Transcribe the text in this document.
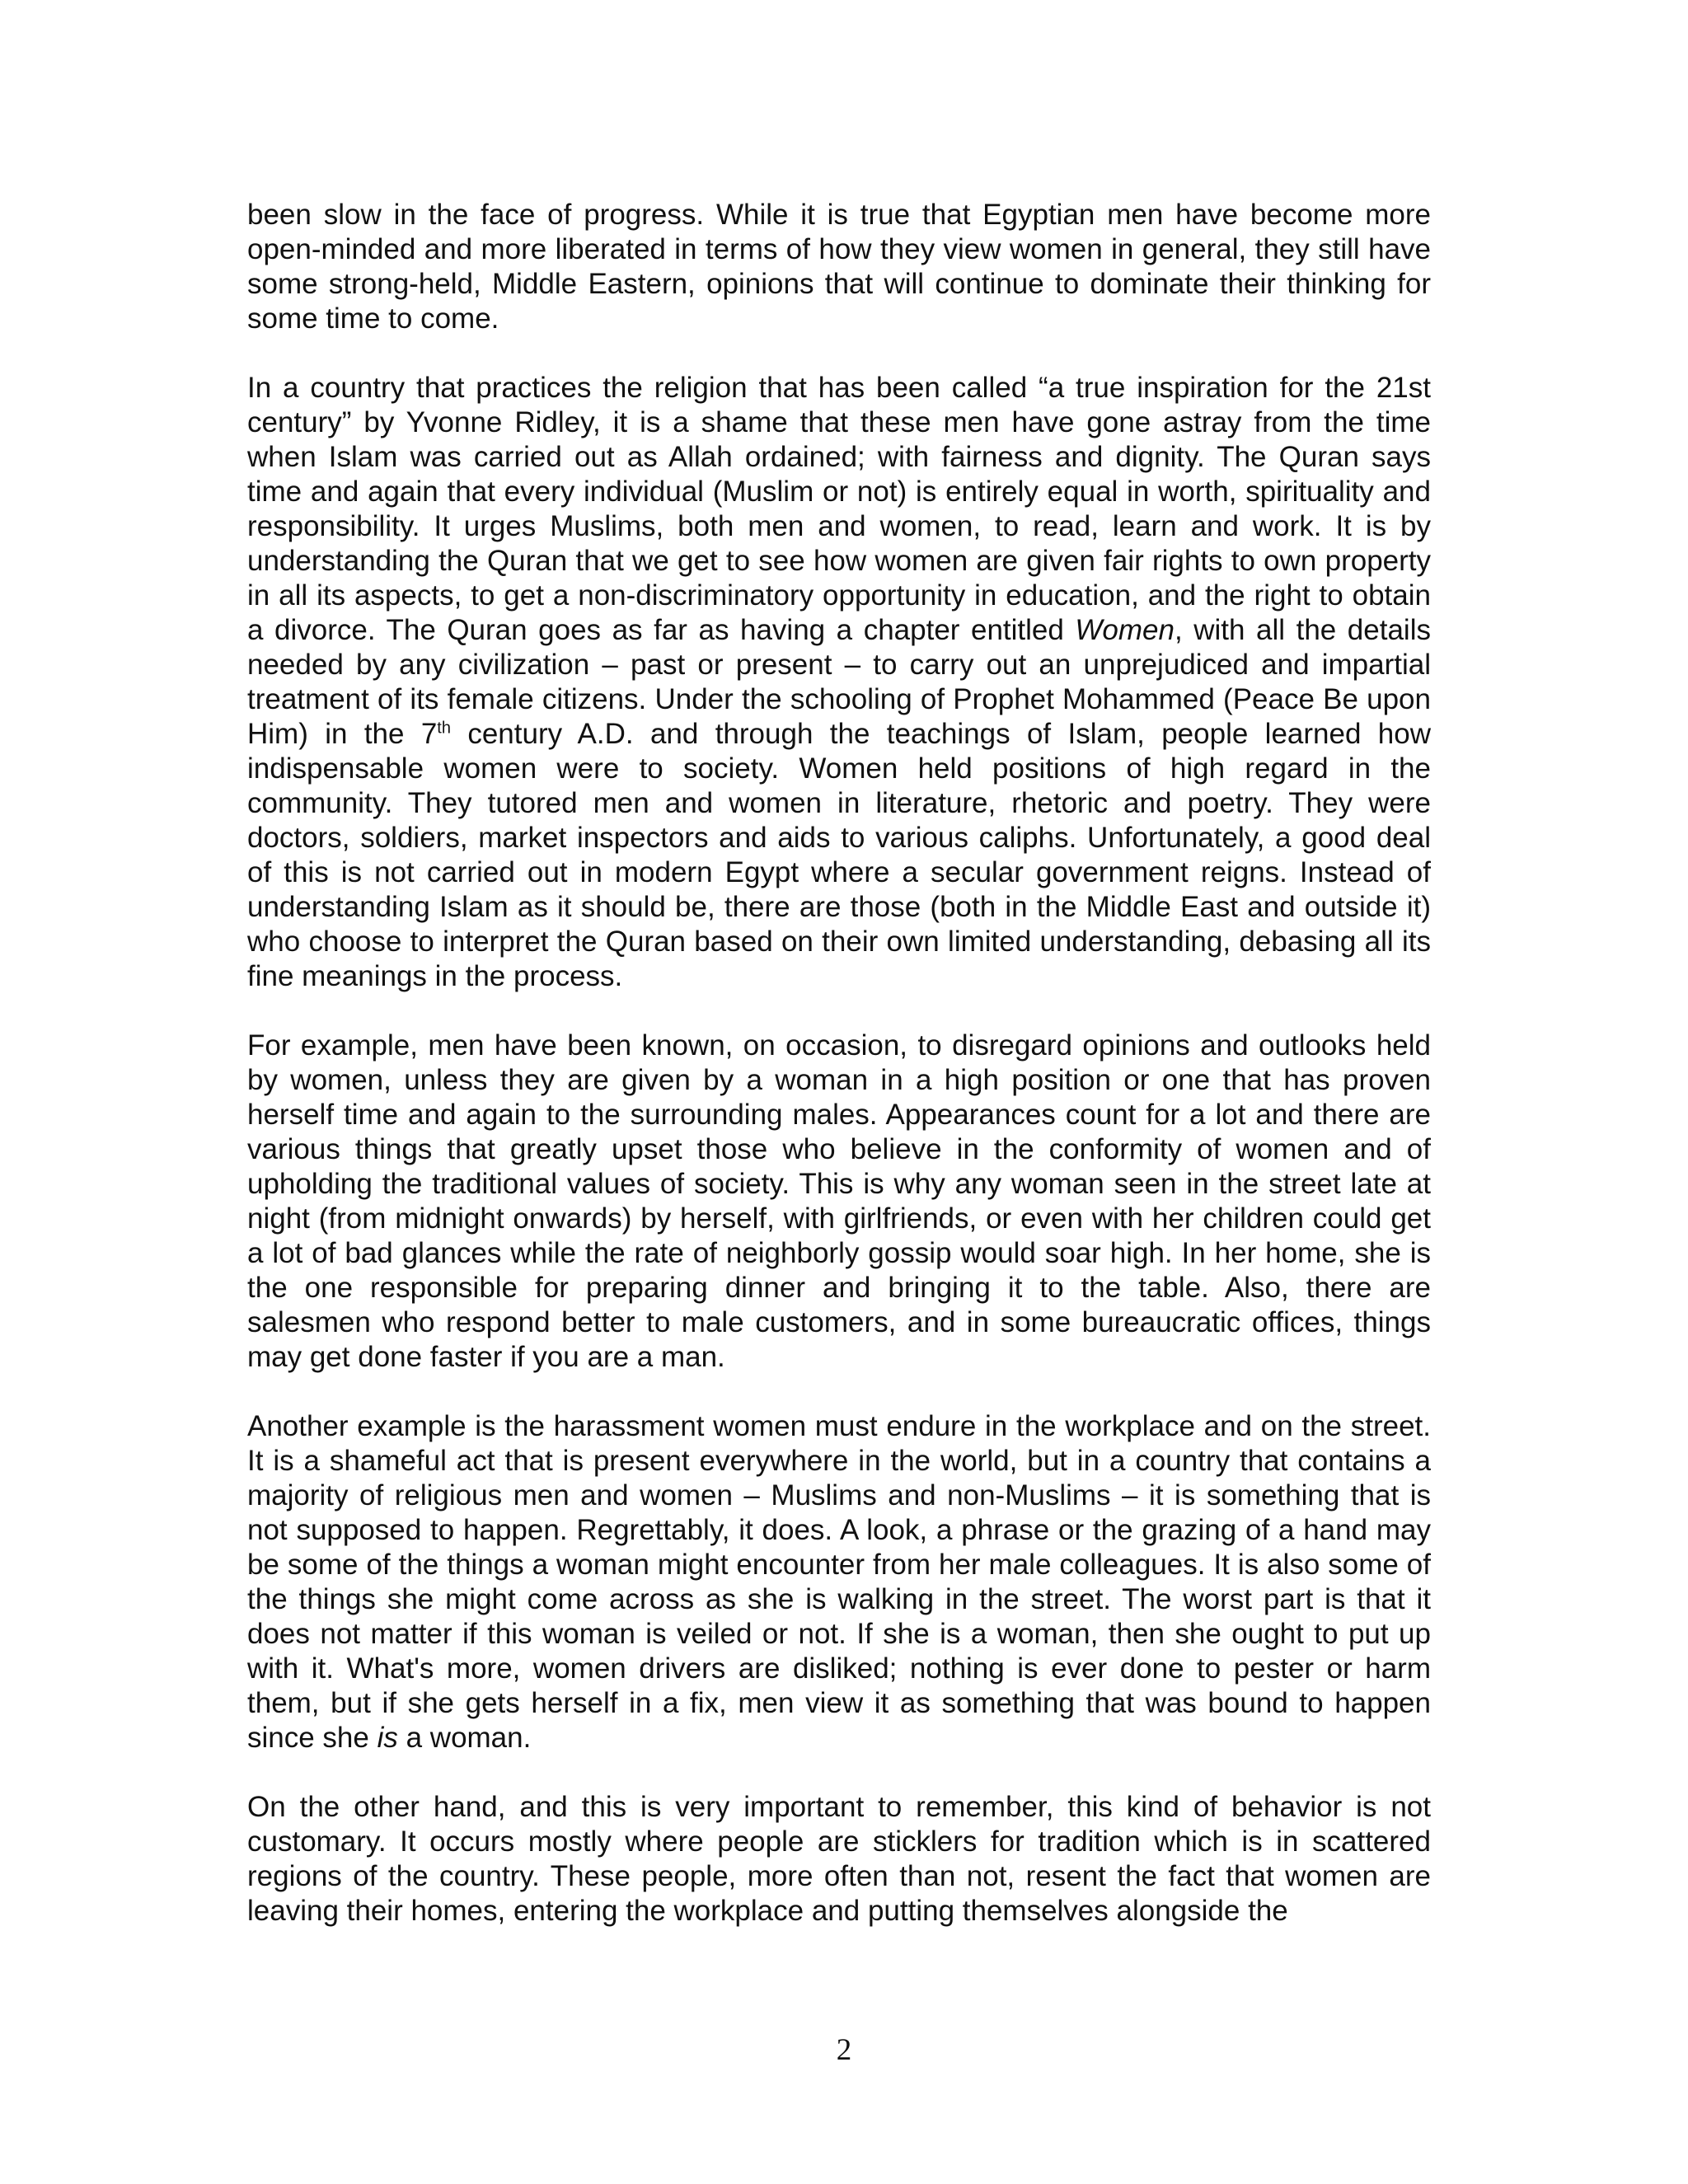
been slow in the face of progress. While it is true that Egyptian men have become more open-minded and more liberated in terms of how they view women in general, they still have some strong-held, Middle Eastern, opinions that will continue to dominate their thinking for some time to come.

In a country that practices the religion that has been called “a true inspiration for the 21st century” by Yvonne Ridley, it is a shame that these men have gone astray from the time when Islam was carried out as Allah ordained; with fairness and dignity. The Quran says time and again that every individual (Muslim or not) is entirely equal in worth, spirituality and responsibility. It urges Muslims, both men and women, to read, learn and work. It is by understanding the Quran that we get to see how women are given fair rights to own property in all its aspects, to get a non-discriminatory opportunity in education, and the right to obtain a divorce. The Quran goes as far as having a chapter entitled Women, with all the details needed by any civilization – past or present – to carry out an unprejudiced and impartial treatment of its female citizens. Under the schooling of Prophet Mohammed (Peace Be upon Him) in the 7th century A.D. and through the teachings of Islam, people learned how indispensable women were to society. Women held positions of high regard in the community. They tutored men and women in literature, rhetoric and poetry. They were doctors, soldiers, market inspectors and aids to various caliphs. Unfortunately, a good deal of this is not carried out in modern Egypt where a secular government reigns. Instead of understanding Islam as it should be, there are those (both in the Middle East and outside it) who choose to interpret the Quran based on their own limited understanding, debasing all its fine meanings in the process.

For example, men have been known, on occasion, to disregard opinions and outlooks held by women, unless they are given by a woman in a high position or one that has proven herself time and again to the surrounding males. Appearances count for a lot and there are various things that greatly upset those who believe in the conformity of women and of upholding the traditional values of society. This is why any woman seen in the street late at night (from midnight onwards) by herself, with girlfriends, or even with her children could get a lot of bad glances while the rate of neighborly gossip would soar high. In her home, she is the one responsible for preparing dinner and bringing it to the table. Also, there are salesmen who respond better to male customers, and in some bureaucratic offices, things may get done faster if you are a man.

Another example is the harassment women must endure in the workplace and on the street. It is a shameful act that is present everywhere in the world, but in a country that contains a majority of religious men and women – Muslims and non-Muslims – it is something that is not supposed to happen. Regrettably, it does. A look, a phrase or the grazing of a hand may be some of the things a woman might encounter from her male colleagues. It is also some of the things she might come across as she is walking in the street. The worst part is that it does not matter if this woman is veiled or not. If she is a woman, then she ought to put up with it. What's more, women drivers are disliked; nothing is ever done to pester or harm them, but if she gets herself in a fix, men view it as something that was bound to happen since she is a woman.

On the other hand, and this is very important to remember, this kind of behavior is not customary. It occurs mostly where people are sticklers for tradition which is in scattered regions of the country. These people, more often than not, resent the fact that women are leaving their homes, entering the workplace and putting themselves alongside the

2
